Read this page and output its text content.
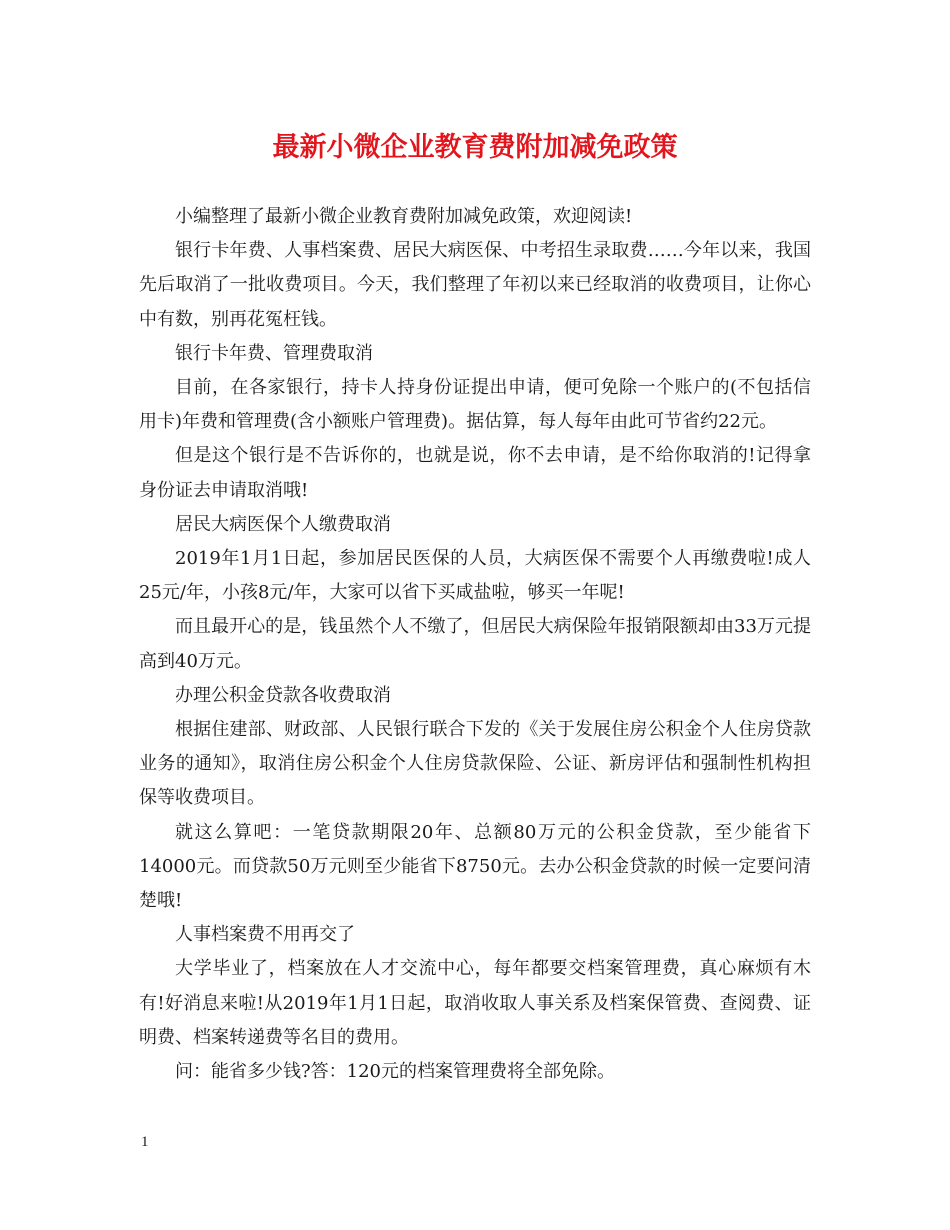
最新小微企业教育费附加减免政策

小编整理了最新小微企业教育费附加减免政策，欢迎阅读!

银行卡年费、人事档案费、居民大病医保、中考招生录取费……今年以来，我国先后取消了一批收费项目。今天，我们整理了年初以来已经取消的收费项目，让你心中有数，别再花冤枉钱。

银行卡年费、管理费取消

目前，在各家银行，持卡人持身份证提出申请，便可免除一个账户的(不包括信用卡)年费和管理费(含小额账户管理费)。据估算，每人每年由此可节省约22元。

但是这个银行是不告诉你的，也就是说，你不去申请，是不给你取消的!记得拿身份证去申请取消哦!

居民大病医保个人缴费取消

2019年1月1日起，参加居民医保的人员，大病医保不需要个人再缴费啦!成人25元/年，小孩8元/年，大家可以省下买咸盐啦，够买一年呢!

而且最开心的是，钱虽然个人不缴了，但居民大病保险年报销限额却由33万元提高到40万元。

办理公积金贷款各收费取消

根据住建部、财政部、人民银行联合下发的《关于发展住房公积金个人住房贷款业务的通知》，取消住房公积金个人住房贷款保险、公证、新房评估和强制性机构担保等收费项目。

就这么算吧：一笔贷款期限20年、总额80万元的公积金贷款，至少能省下14000元。而贷款50万元则至少能省下8750元。去办公积金贷款的时候一定要问清楚哦!

人事档案费不用再交了

大学毕业了，档案放在人才交流中心，每年都要交档案管理费，真心麻烦有木有!好消息来啦!从2019年1月1日起，取消收取人事关系及档案保管费、查阅费、证明费、档案转递费等名目的费用。

问：能省多少钱?答：120元的档案管理费将全部免除。

1
